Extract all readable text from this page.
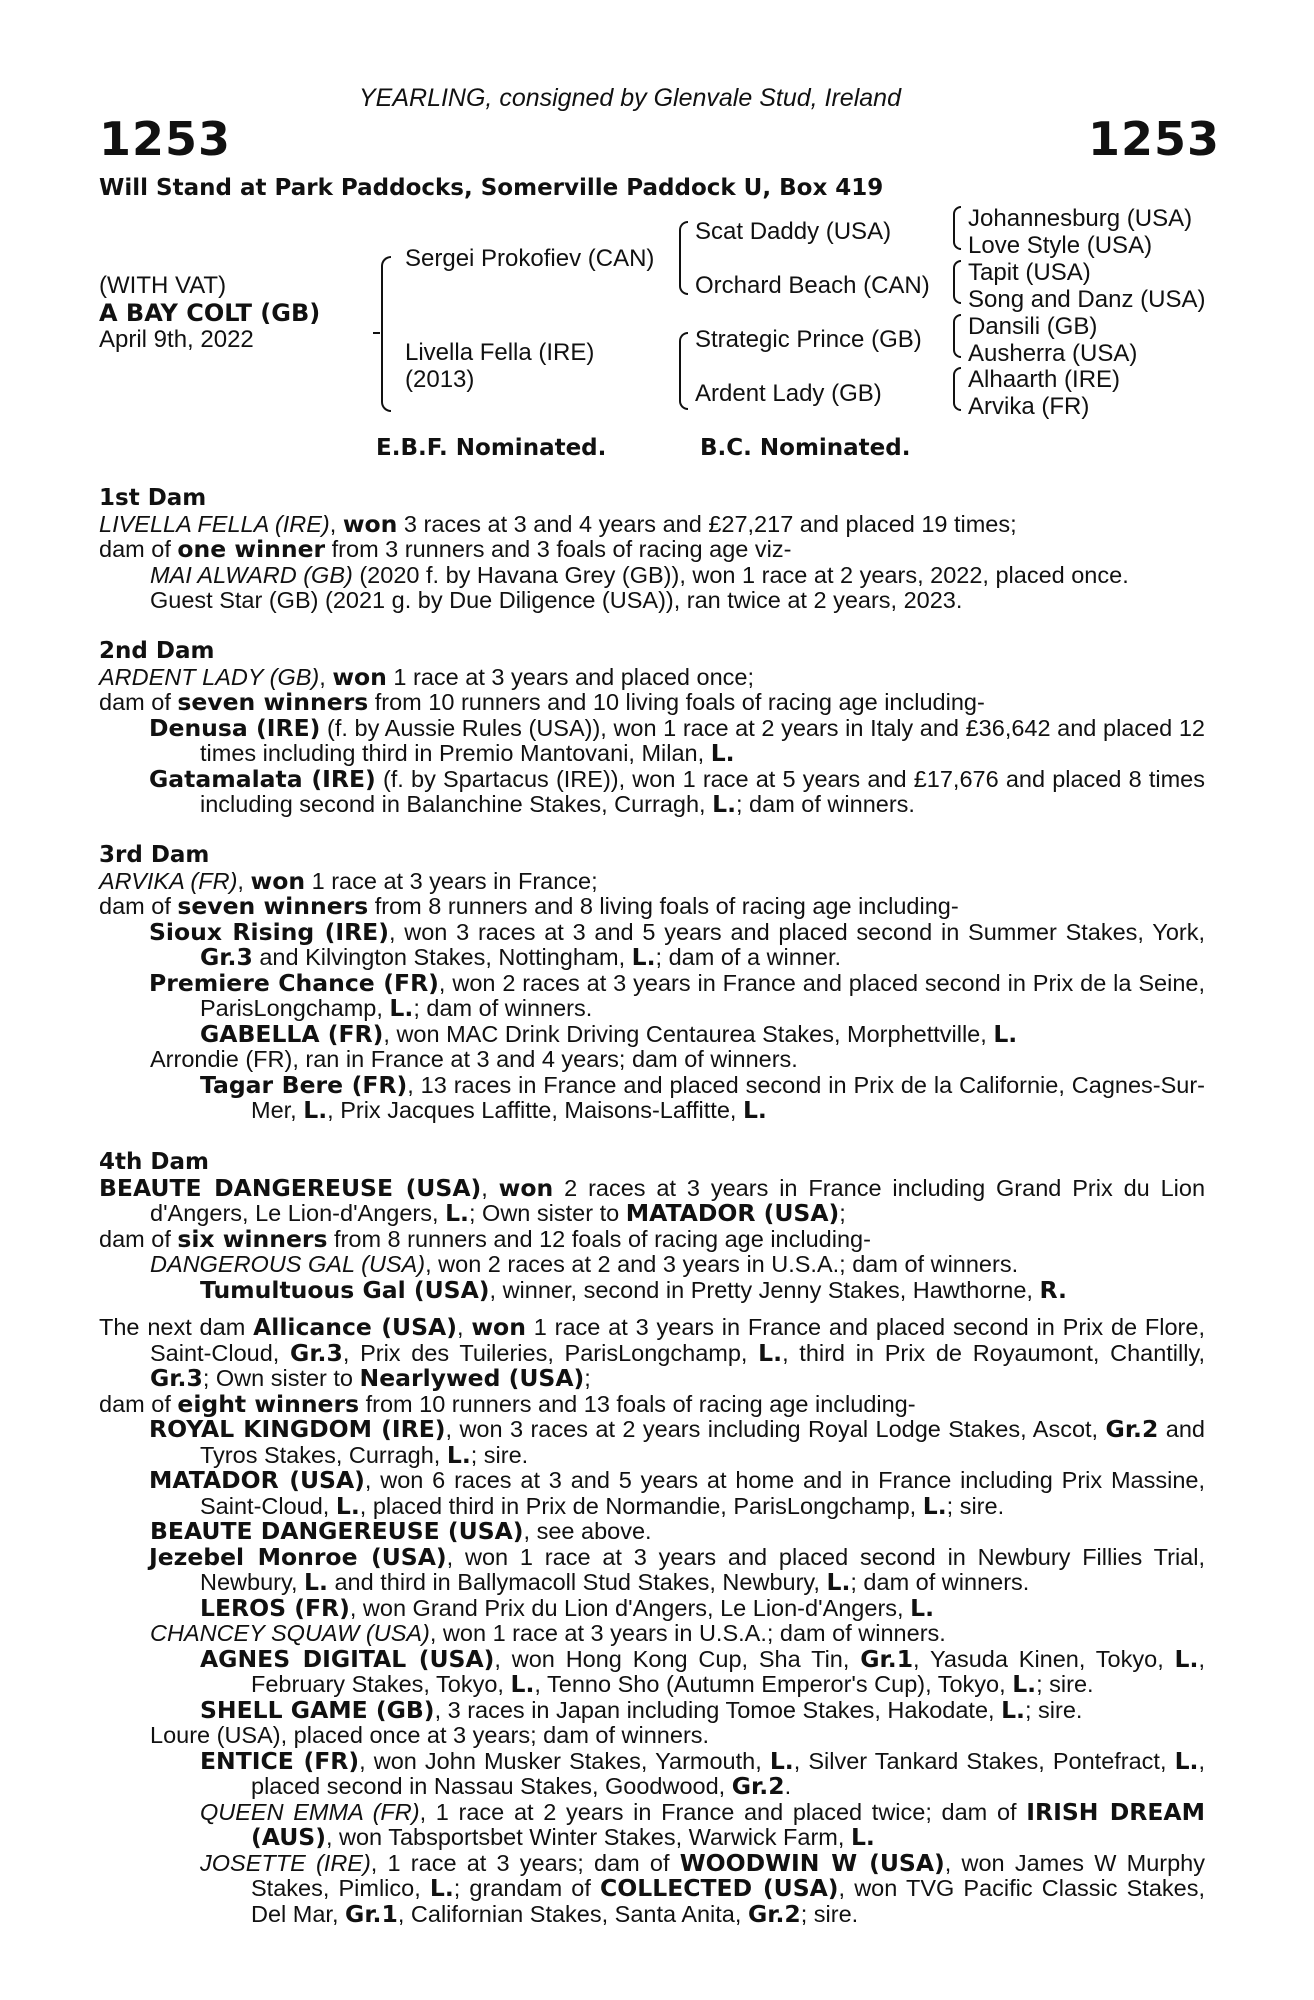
YEARLING, consigned by Glenvale Stud, Ireland
1253	1253
Will Stand at Park Paddocks, Somerville Paddock U, Box 419
(WITH VAT)
A BAY COLT (GB)
April 9th, 2022
Sergei Prokofiev (CAN)
Livella Fella (IRE)
(2013)
Scat Daddy (USA)
Orchard Beach (CAN)
Strategic Prince (GB)
Ardent Lady (GB)
Johannesburg (USA)
Love Style (USA)
Tapit (USA)
Song and Danz (USA)
Dansili (GB)
Ausherra (USA)
Alhaarth (IRE)
Arvika (FR)
E.B.F. Nominated.	B.C. Nominated.

1st Dam

LIVELLA FELLA (IRE), won 3 races at 3 and 4 years and £27,217 and placed 19 times;

dam of one winner from 3 runners and 3 foals of racing age viz-

MAI ALWARD (GB) (2020 f. by Havana Grey (GB)), won 1 race at 2 years, 2022, placed once.

Guest Star (GB) (2021 g. by Due Diligence (USA)), ran twice at 2 years, 2023.

2nd Dam

ARDENT LADY (GB), won 1 race at 3 years and placed once;

dam of seven winners from 10 runners and 10 living foals of racing age including-

Denusa (IRE) (f. by Aussie Rules (USA)), won 1 race at 2 years in Italy and £36,642 and placed 12 times including third in Premio Mantovani, Milan, L.

Gatamalata (IRE) (f. by Spartacus (IRE)), won 1 race at 5 years and £17,676 and placed 8 times including second in Balanchine Stakes, Curragh, L.; dam of winners.

3rd Dam

ARVIKA (FR), won 1 race at 3 years in France;

dam of seven winners from 8 runners and 8 living foals of racing age including-

Sioux Rising (IRE), won 3 races at 3 and 5 years and placed second in Summer Stakes, York, Gr.3 and Kilvington Stakes, Nottingham, L.; dam of a winner.

Premiere Chance (FR), won 2 races at 3 years in France and placed second in Prix de la Seine, ParisLongchamp, L.; dam of winners.

GABELLA (FR), won MAC Drink Driving Centaurea Stakes, Morphettville, L.

Arrondie (FR), ran in France at 3 and 4 years; dam of winners.

Tagar Bere (FR), 13 races in France and placed second in Prix de la Californie, Cagnes-Sur-Mer, L., Prix Jacques Laffitte, Maisons-Laffitte, L.

4th Dam

BEAUTE DANGEREUSE (USA), won 2 races at 3 years in France including Grand Prix du Lion d'Angers, Le Lion-d'Angers, L.; Own sister to MATADOR (USA);

dam of six winners from 8 runners and 12 foals of racing age including-

DANGEROUS GAL (USA), won 2 races at 2 and 3 years in U.S.A.; dam of winners.

Tumultuous Gal (USA), winner, second in Pretty Jenny Stakes, Hawthorne, R.

The next dam Allicance (USA), won 1 race at 3 years in France and placed second in Prix de Flore, Saint-Cloud, Gr.3, Prix des Tuileries, ParisLongchamp, L., third in Prix de Royaumont, Chantilly, Gr.3; Own sister to Nearlywed (USA);

dam of eight winners from 10 runners and 13 foals of racing age including-

ROYAL KINGDOM (IRE), won 3 races at 2 years including Royal Lodge Stakes, Ascot, Gr.2 and Tyros Stakes, Curragh, L.; sire.

MATADOR (USA), won 6 races at 3 and 5 years at home and in France including Prix Massine, Saint-Cloud, L., placed third in Prix de Normandie, ParisLongchamp, L.; sire.

BEAUTE DANGEREUSE (USA), see above.

Jezebel Monroe (USA), won 1 race at 3 years and placed second in Newbury Fillies Trial, Newbury, L. and third in Ballymacoll Stud Stakes, Newbury, L.; dam of winners.

LEROS (FR), won Grand Prix du Lion d'Angers, Le Lion-d'Angers, L.

CHANCEY SQUAW (USA), won 1 race at 3 years in U.S.A.; dam of winners.

AGNES DIGITAL (USA), won Hong Kong Cup, Sha Tin, Gr.1, Yasuda Kinen, Tokyo, L., February Stakes, Tokyo, L., Tenno Sho (Autumn Emperor's Cup), Tokyo, L.; sire.

SHELL GAME (GB), 3 races in Japan including Tomoe Stakes, Hakodate, L.; sire.

Loure (USA), placed once at 3 years; dam of winners.

ENTICE (FR), won John Musker Stakes, Yarmouth, L., Silver Tankard Stakes, Pontefract, L., placed second in Nassau Stakes, Goodwood, Gr.2.

QUEEN EMMA (FR), 1 race at 2 years in France and placed twice; dam of IRISH DREAM (AUS), won Tabsportsbet Winter Stakes, Warwick Farm, L.

JOSETTE (IRE), 1 race at 3 years; dam of WOODWIN W (USA), won James W Murphy Stakes, Pimlico, L.; grandam of COLLECTED (USA), won TVG Pacific Classic Stakes, Del Mar, Gr.1, Californian Stakes, Santa Anita, Gr.2; sire.
